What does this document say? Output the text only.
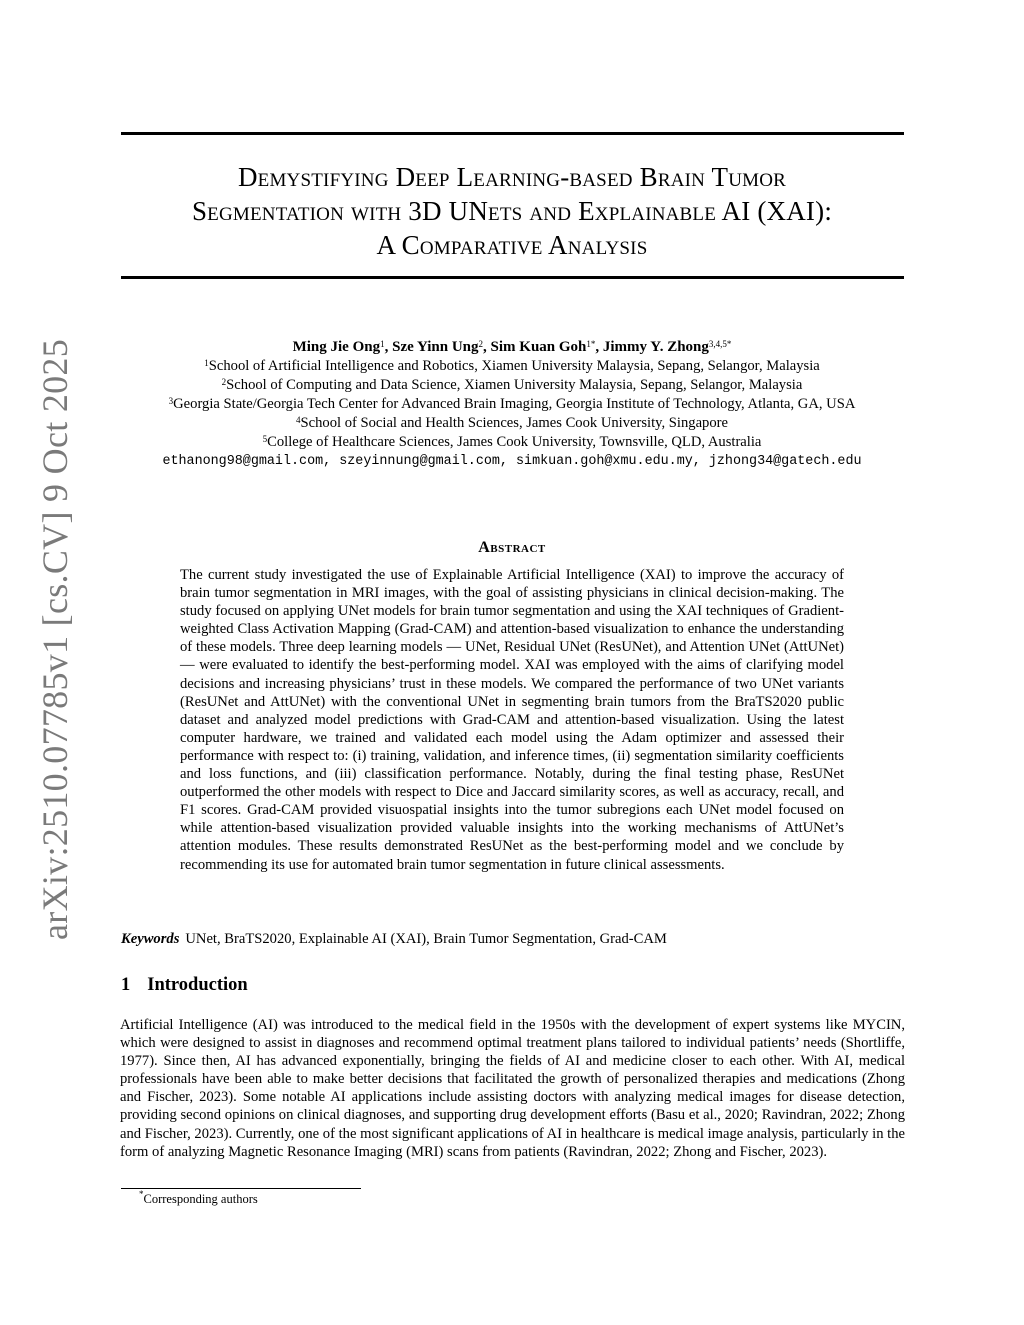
arXiv:2510.07785v1 [cs.CV] 9 Oct 2025
Demystifying Deep Learning-based Brain Tumor
Segmentation with 3D UNets and Explainable AI (XAI):
A Comparative Analysis
Ming Jie Ong$^1$, Sze Yinn Ung$^2$, Sim Kuan Goh$^{1*}$, Jimmy Y. Zhong$^{3,4,5*}$
$^1$School of Artificial Intelligence and Robotics, Xiamen University Malaysia, Sepang, Selangor, Malaysia
$^2$School of Computing and Data Science, Xiamen University Malaysia, Sepang, Selangor, Malaysia
$^3$Georgia State/Georgia Tech Center for Advanced Brain Imaging, Georgia Institute of Technology, Atlanta, GA, USA
$^4$School of Social and Health Sciences, James Cook University, Singapore
$^5$College of Healthcare Sciences, James Cook University, Townsville, QLD, Australia
ethanong98@gmail.com, szeyinnung@gmail.com, simkuan.goh@xmu.edu.my, jzhong34@gatech.edu
Abstract
The current study investigated the use of Explainable Artificial Intelligence (XAI) to improve the accuracy of brain tumor segmentation in MRI images, with the goal of assisting physicians in clinical decision-making. The study focused on applying UNet models for brain tumor segmentation and using the XAI techniques of Gradient-weighted Class Activation Mapping (Grad-CAM) and attention-based visualization to enhance the understanding of these models. Three deep learning models — UNet, Residual UNet (ResUNet), and Attention UNet (AttUNet) — were evaluated to identify the best-performing model. XAI was employed with the aims of clarifying model decisions and increasing physicians’ trust in these models. We compared the performance of two UNet variants (ResUNet and AttUNet) with the conventional UNet in segmenting brain tumors from the BraTS2020 public dataset and analyzed model predictions with Grad-CAM and attention-based visualization. Using the latest computer hardware, we trained and validated each model using the Adam optimizer and assessed their performance with respect to: (i) training, validation, and inference times, (ii) segmentation similarity coefficients and loss functions, and (iii) classification performance. Notably, during the final testing phase, ResUNet outperformed the other models with respect to Dice and Jaccard similarity scores, as well as accuracy, recall, and F1 scores. Grad-CAM provided visuospatial insights into the tumor subregions each UNet model focused on while attention-based visualization provided valuable insights into the working mechanisms of AttUNet’s attention modules. These results demonstrated ResUNet as the best-performing model and we conclude by recommending its use for automated brain tumor segmentation in future clinical assessments.
Keywords UNet, BraTS2020, Explainable AI (XAI), Brain Tumor Segmentation, Grad-CAM
1 Introduction
Artificial Intelligence (AI) was introduced to the medical field in the 1950s with the development of expert systems like MYCIN, which were designed to assist in diagnoses and recommend optimal treatment plans tailored to individual patients’ needs (Shortliffe, 1977). Since then, AI has advanced exponentially, bringing the fields of AI and medicine closer to each other. With AI, medical professionals have been able to make better decisions that facilitated the growth of personalized therapies and medications (Zhong and Fischer, 2023). Some notable AI applications include assisting doctors with analyzing medical images for disease detection, providing second opinions on clinical diagnoses, and supporting drug development efforts (Basu et al., 2020; Ravindran, 2022; Zhong and Fischer, 2023). Currently, one of the most significant applications of AI in healthcare is medical image analysis, particularly in the form of analyzing Magnetic Resonance Imaging (MRI) scans from patients (Ravindran, 2022; Zhong and Fischer, 2023).
*Corresponding authors
